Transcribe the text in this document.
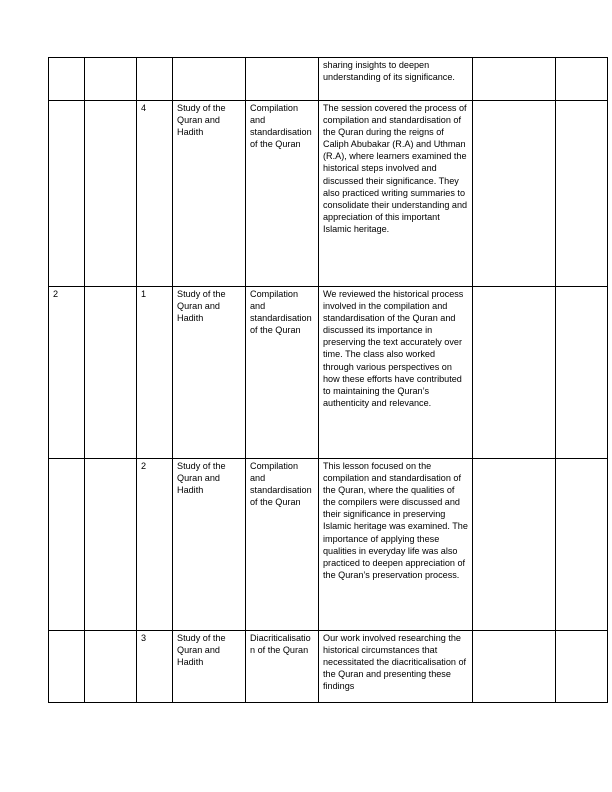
					sharing insights to deepen understanding of its significance.		
		4	Study of the Quran and Hadith	Compilation and standardisation of the Quran	The session covered the process of compilation and standardisation of the Quran during the reigns of Caliph Abubakar (R.A) and Uthman (R.A), where learners examined the historical steps involved and discussed their significance. They also practiced writing summaries to consolidate their understanding and appreciation of this important Islamic heritage.		
2		1	Study of the Quran and Hadith	Compilation and standardisation of the Quran	We reviewed the historical process involved in the compilation and standardisation of the Quran and discussed its importance in preserving the text accurately over time. The class also worked through various perspectives on how these efforts have contributed to maintaining the Quran’s authenticity and relevance.		
		2	Study of the Quran and Hadith	Compilation and standardisation of the Quran	This lesson focused on the compilation and standardisation of the Quran, where the qualities of the compilers were discussed and their significance in preserving Islamic heritage was examined. The importance of applying these qualities in everyday life was also practiced to deepen appreciation of the Quran’s preservation process.		
		3	Study of the Quran and Hadith	Diacriticalisation of the Quran	Our work involved researching the historical circumstances that necessitated the diacriticalisation of the Quran and presenting these findings		
